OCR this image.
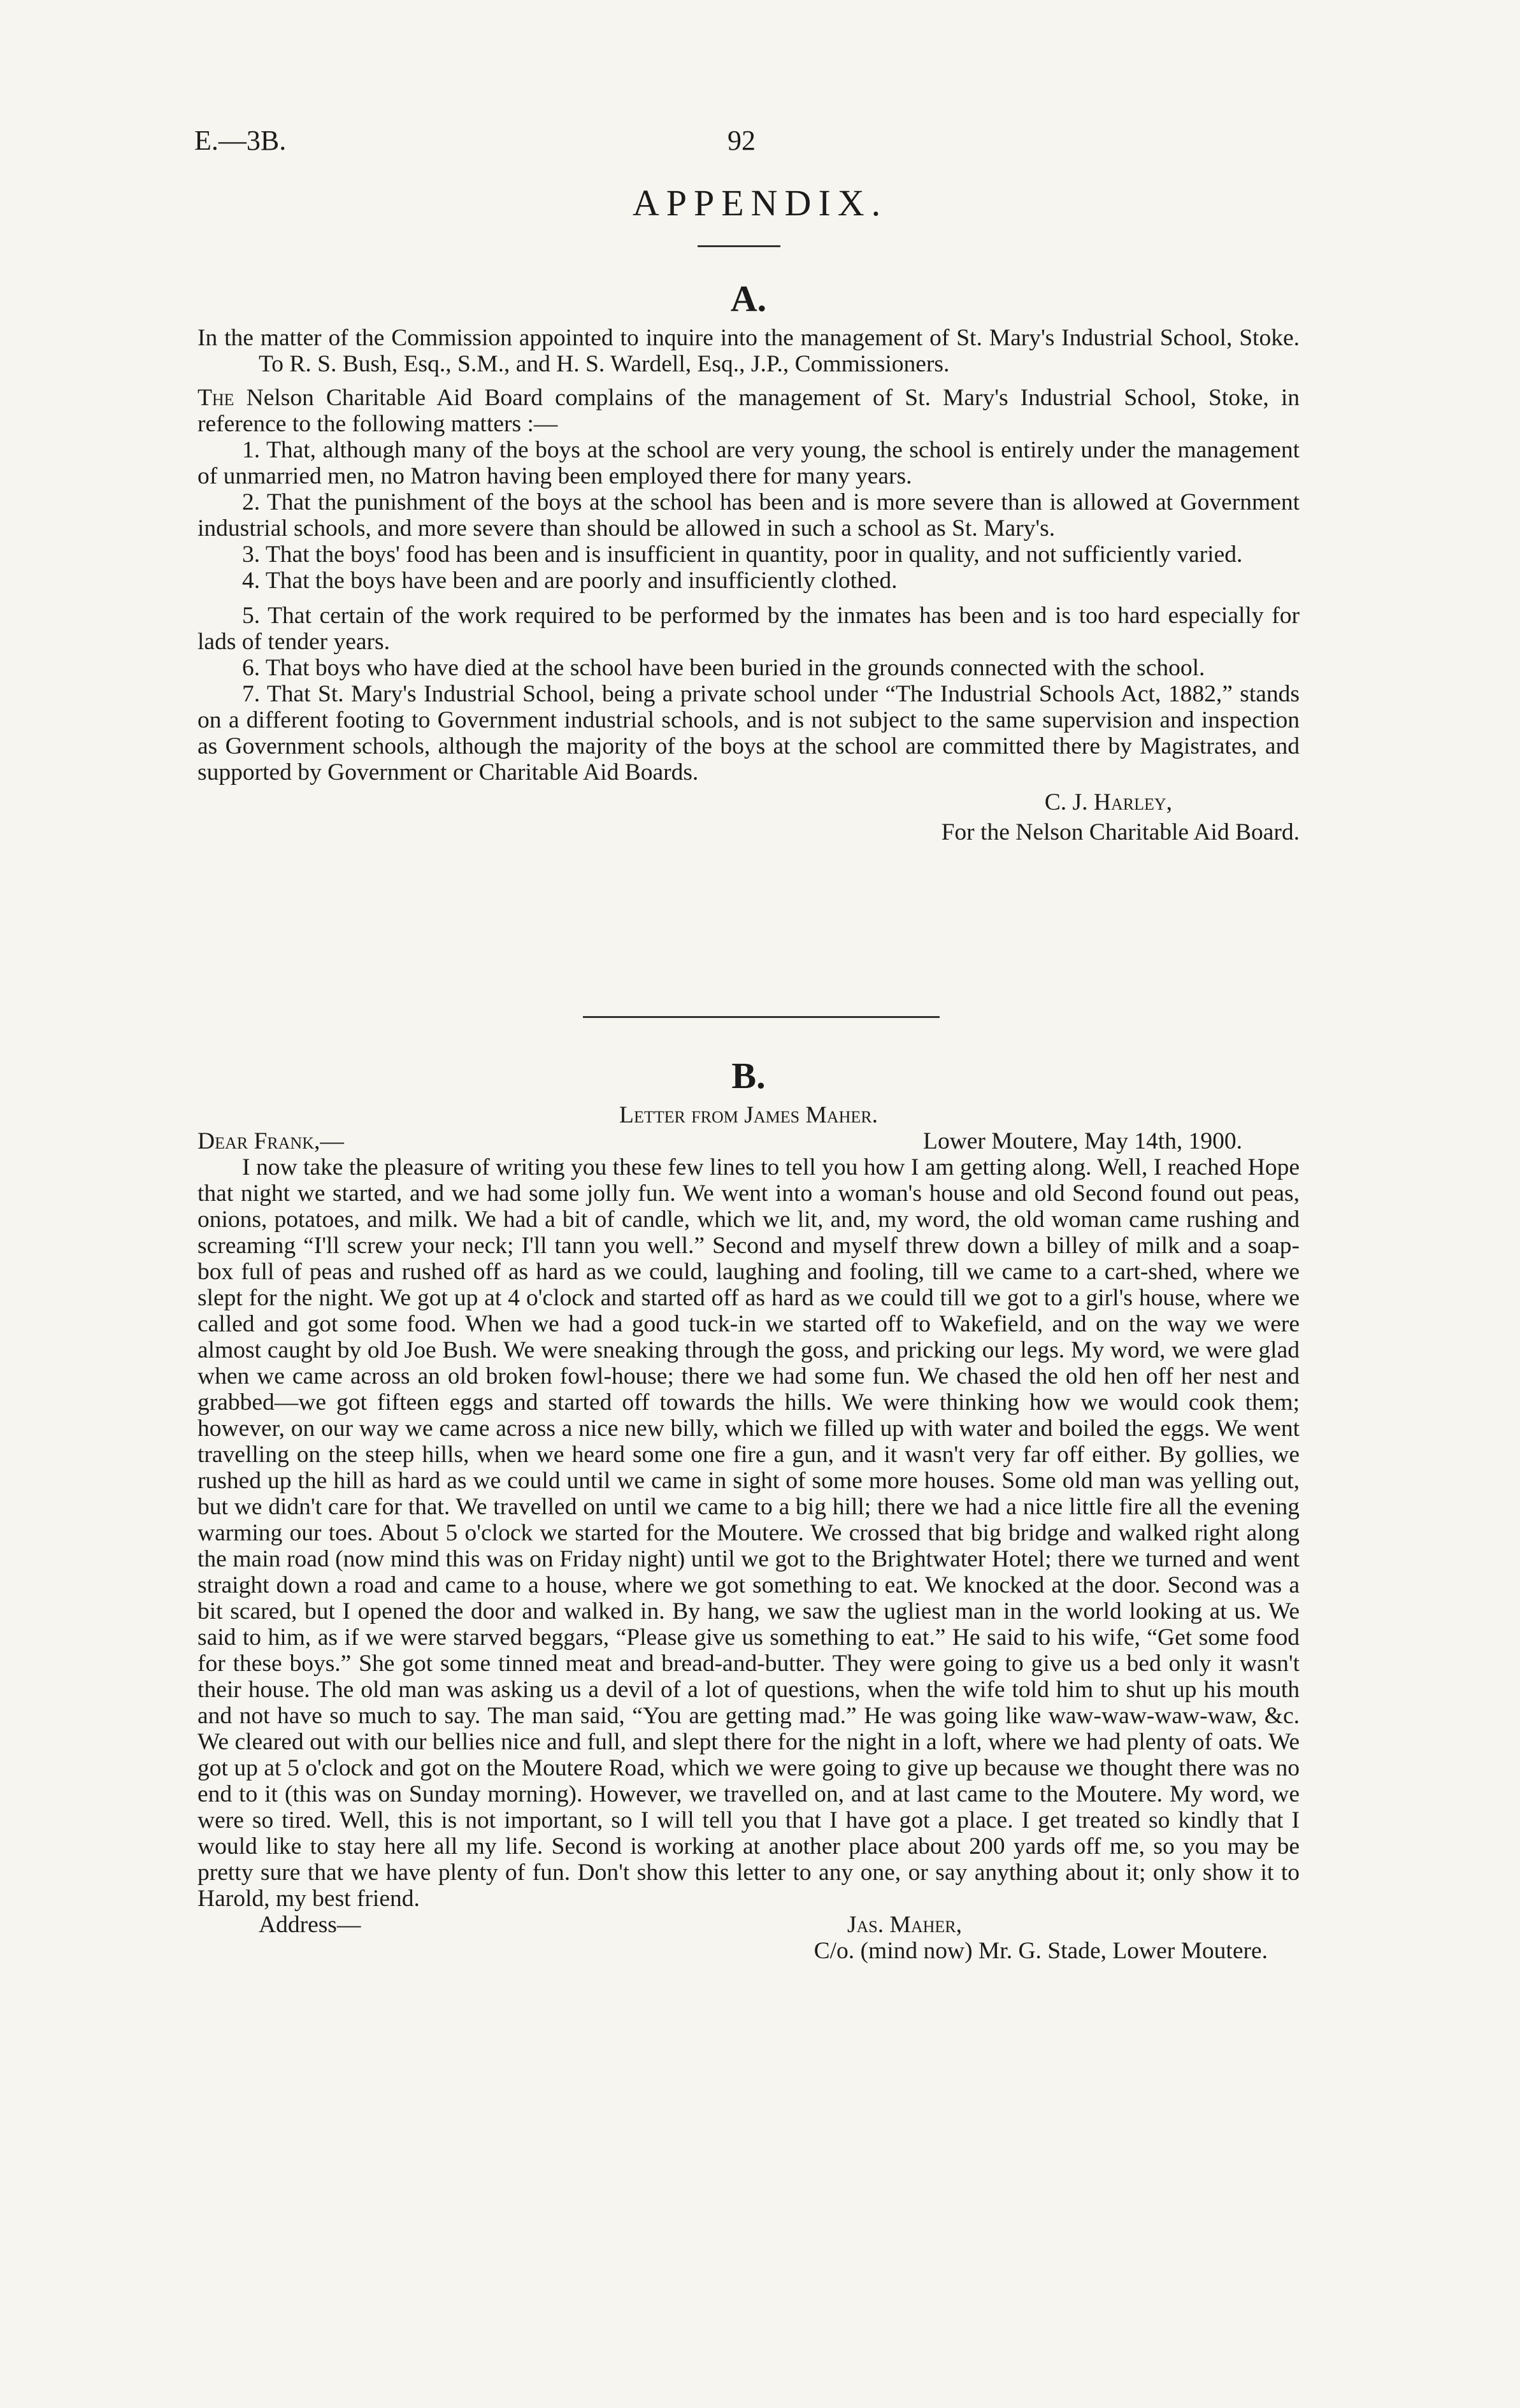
E.—3B.	92
APPENDIX.
A.

In the matter of the Commission appointed to inquire into the management of St. Mary's Industrial School, Stoke. To R. S. Bush, Esq., S.M., and H. S. Wardell, Esq., J.P., Commissioners.

The Nelson Charitable Aid Board complains of the management of St. Mary's Industrial School, Stoke, in reference to the following matters :—

1. That, although many of the boys at the school are very young, the school is entirely under the management of unmarried men, no Matron having been employed there for many years.

2. That the punishment of the boys at the school has been and is more severe than is allowed at Government industrial schools, and more severe than should be allowed in such a school as St. Mary's.

3. That the boys' food has been and is insufficient in quantity, poor in quality, and not sufficiently varied.

4. That the boys have been and are poorly and insufficiently clothed.

5. That certain of the work required to be performed by the inmates has been and is too hard especially for lads of tender years.

6. That boys who have died at the school have been buried in the grounds connected with the school.

7. That St. Mary's Industrial School, being a private school under “The Industrial Schools Act, 1882,” stands on a different footing to Government industrial schools, and is not subject to the same supervision and inspection as Government schools, although the majority of the boys at the school are committed there by Magistrates, and supported by Government or Charitable Aid Boards.

C. J. Harley,
For the Nelson Charitable Aid Board.
B.
Letter from James Maher.
Dear Frank,—	Lower Moutere, May 14th, 1900.

I now take the pleasure of writing you these few lines to tell you how I am getting along. Well, I reached Hope that night we started, and we had some jolly fun. We went into a woman's house and old Second found out peas, onions, potatoes, and milk. We had a bit of candle, which we lit, and, my word, the old woman came rushing and screaming “I'll screw your neck; I'll tann you well.” Second and myself threw down a billey of milk and a soap-box full of peas and rushed off as hard as we could, laughing and fooling, till we came to a cart-shed, where we slept for the night. We got up at 4 o'clock and started off as hard as we could till we got to a girl's house, where we called and got some food. When we had a good tuck-in we started off to Wakefield, and on the way we were almost caught by old Joe Bush. We were sneaking through the goss, and pricking our legs. My word, we were glad when we came across an old broken fowl-house; there we had some fun. We chased the old hen off her nest and grabbed—we got fifteen eggs and started off towards the hills. We were thinking how we would cook them; however, on our way we came across a nice new billy, which we filled up with water and boiled the eggs. We went travelling on the steep hills, when we heard some one fire a gun, and it wasn't very far off either. By gollies, we rushed up the hill as hard as we could until we came in sight of some more houses. Some old man was yelling out, but we didn't care for that. We travelled on until we came to a big hill; there we had a nice little fire all the evening warming our toes. About 5 o'clock we started for the Moutere. We crossed that big bridge and walked right along the main road (now mind this was on Friday night) until we got to the Brightwater Hotel; there we turned and went straight down a road and came to a house, where we got something to eat. We knocked at the door. Second was a bit scared, but I opened the door and walked in. By hang, we saw the ugliest man in the world looking at us. We said to him, as if we were starved beggars, “Please give us something to eat.” He said to his wife, “Get some food for these boys.” She got some tinned meat and bread-and-butter. They were going to give us a bed only it wasn't their house. The old man was asking us a devil of a lot of questions, when the wife told him to shut up his mouth and not have so much to say. The man said, “You are getting mad.” He was going like waw-waw-waw-waw, &c. We cleared out with our bellies nice and full, and slept there for the night in a loft, where we had plenty of oats. We got up at 5 o'clock and got on the Moutere Road, which we were going to give up because we thought there was no end to it (this was on Sunday morning). However, we travelled on, and at last came to the Moutere. My word, we were so tired. Well, this is not important, so I will tell you that I have got a place. I get treated so kindly that I would like to stay here all my life. Second is working at another place about 200 yards off me, so you may be pretty sure that we have plenty of fun. Don't show this letter to any one, or say anything about it; only show it to Harold, my best friend.

Address—	Jas. Maher,
C/o. (mind now) Mr. G. Stade, Lower Moutere.
